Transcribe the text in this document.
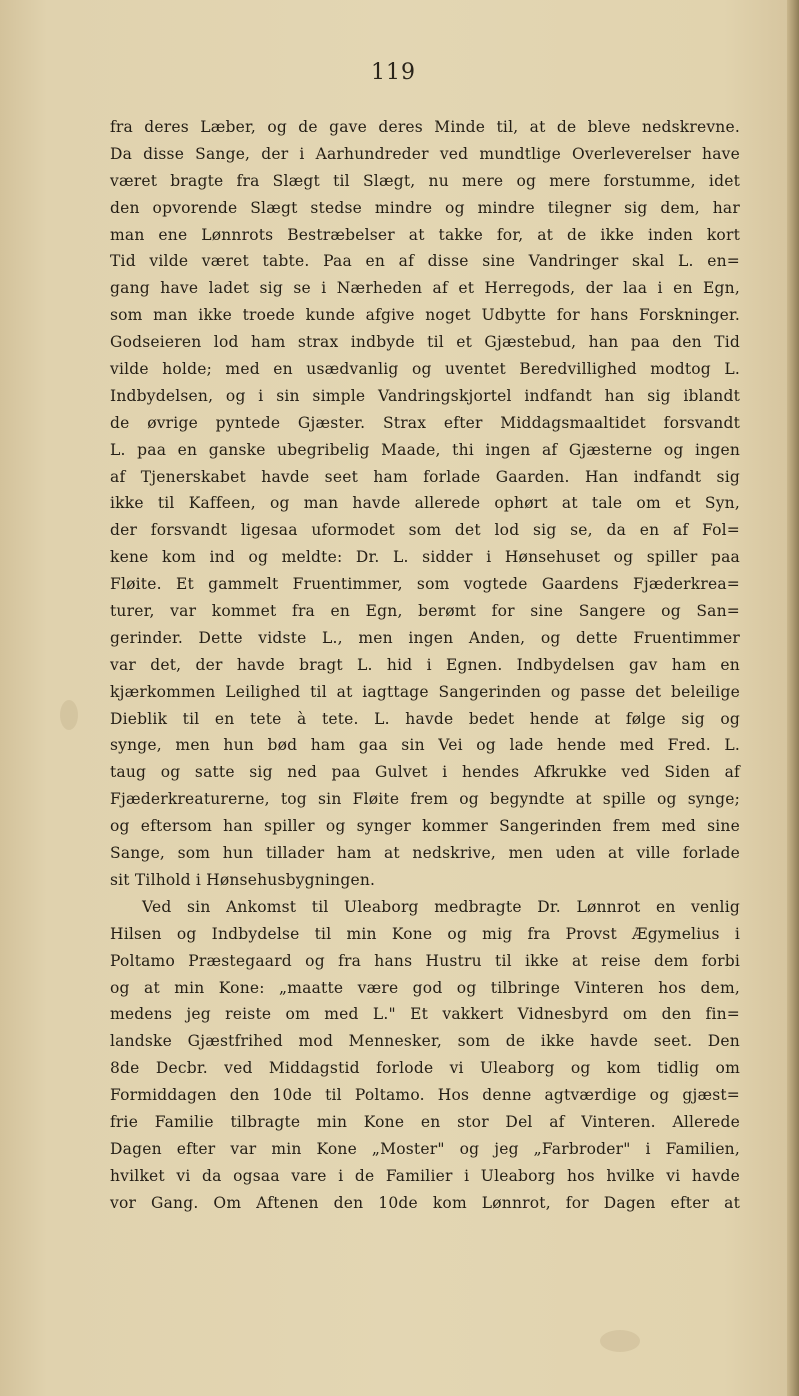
119
fra deres Læber, og de gave deres Minde til, at de bleve nedskrevne.
Da disse Sange, der i Aarhundreder ved mundtlige Overleverelser have
været bragte fra Slægt til Slægt, nu mere og mere forstumme, idet
den opvorende Slægt stedse mindre og mindre tilegner sig dem, har
man ene Lønnrots Bestræbelser at takke for, at de ikke inden kort
Tid vilde været tabte. Paa en af disse sine Vandringer skal L. en=
gang have ladet sig se i Nærheden af et Herregods, der laa i en Egn,
som man ikke troede kunde afgive noget Udbytte for hans Forskninger.
Godseieren lod ham strax indbyde til et Gjæstebud, han paa den Tid
vilde holde; med en usædvanlig og uventet Beredvillighed modtog L.
Indbydelsen, og i sin simple Vandringskjortel indfandt han sig iblandt
de øvrige pyntede Gjæster. Strax efter Middagsmaaltidet forsvandt
L. paa en ganske ubegribelig Maade, thi ingen af Gjæsterne og ingen
af Tjenerskabet havde seet ham forlade Gaarden. Han indfandt sig
ikke til Kaffeen, og man havde allerede ophørt at tale om et Syn,
der forsvandt ligesaa uformodet som det lod sig se, da en af Fol=
kene kom ind og meldte: Dr. L. sidder i Hønsehuset og spiller paa
Fløite. Et gammelt Fruentimmer, som vogtede Gaardens Fjæderkrea=
turer, var kommet fra en Egn, berømt for sine Sangere og San=
gerinder. Dette vidste L., men ingen Anden, og dette Fruentimmer
var det, der havde bragt L. hid i Egnen. Indbydelsen gav ham en
kjærkommen Leilighed til at iagttage Sangerinden og passe det beleilige
Dieblik til en tete à tete. L. havde bedet hende at følge sig og
synge, men hun bød ham gaa sin Vei og lade hende med Fred. L.
taug og satte sig ned paa Gulvet i hendes Afkrukke ved Siden af
Fjæderkreaturerne, tog sin Fløite frem og begyndte at spille og synge;
og eftersom han spiller og synger kommer Sangerinden frem med sine
Sange, som hun tillader ham at nedskrive, men uden at ville forlade
sit Tilhold i Hønsehusbygningen.
Ved sin Ankomst til Uleaborg medbragte Dr. Lønnrot en venlig
Hilsen og Indbydelse til min Kone og mig fra Provst Ægymelius i
Poltamo Præstegaard og fra hans Hustru til ikke at reise dem forbi
og at min Kone: „maatte være god og tilbringe Vinteren hos dem,
medens jeg reiste om med L." Et vakkert Vidnesbyrd om den fin=
landske Gjæstfrihed mod Mennesker, som de ikke havde seet. Den
8de Decbr. ved Middagstid forlode vi Uleaborg og kom tidlig om
Formiddagen den 10de til Poltamo. Hos denne agtværdige og gjæst=
frie Familie tilbragte min Kone en stor Del af Vinteren. Allerede
Dagen efter var min Kone „Moster" og jeg „Farbroder" i Familien,
hvilket vi da ogsaa vare i de Familier i Uleaborg hos hvilke vi havde
vor Gang. Om Aftenen den 10de kom Lønnrot, for Dagen efter at
